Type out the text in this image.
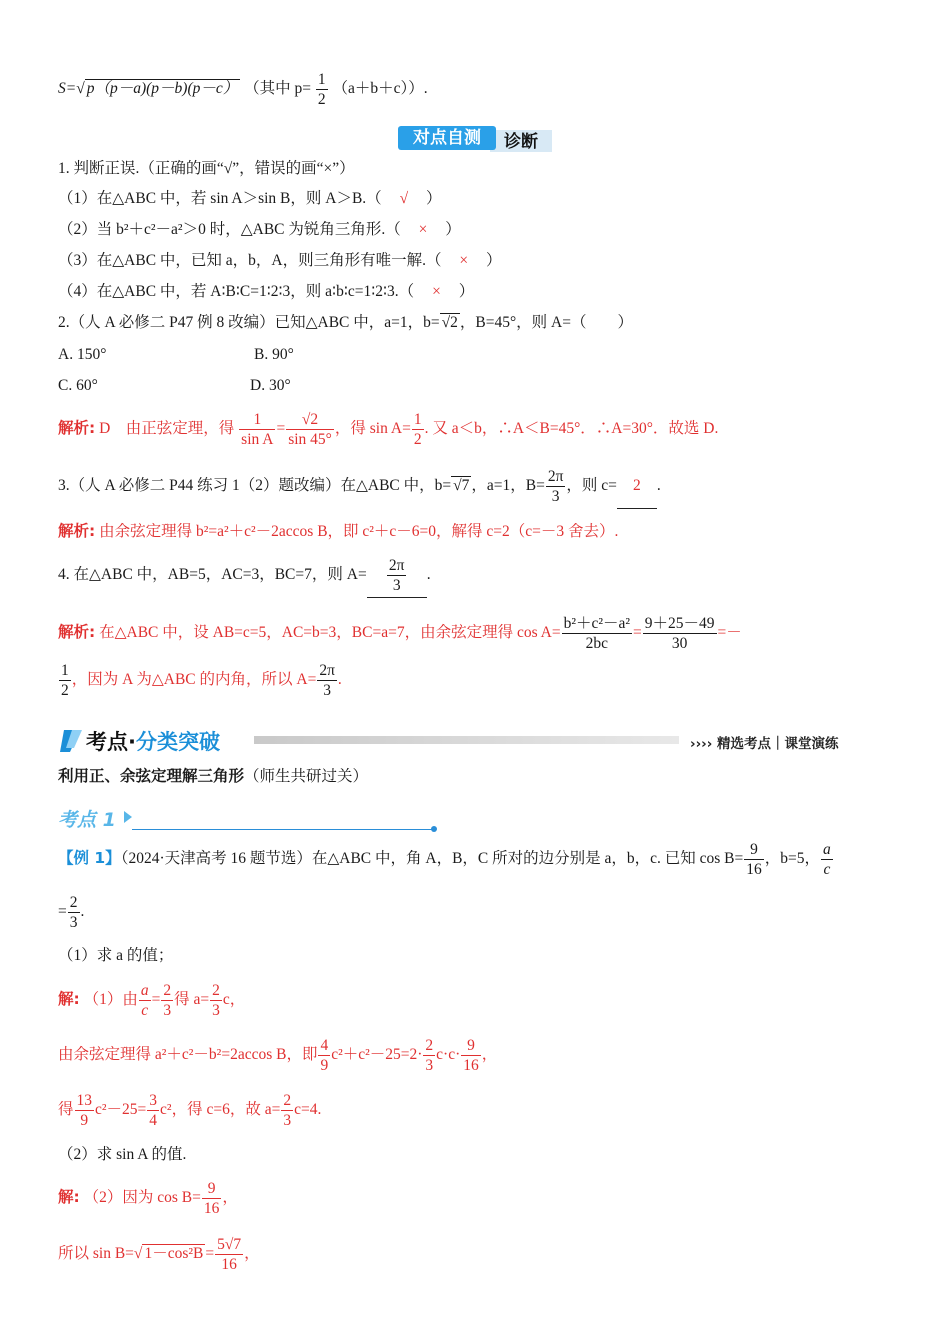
S=√ p（p－a)(p－b)(p－c） （其中 $p= \frac{1}{2} (a+b+c)$）.
对点自测	诊断
1. 判断正误.（正确的画“√”，错误的画“×”）
（1）在△ABC 中，若 sin A＞sin B，则 A＞B.（ √ ）
（2）当 b²＋c²－a²＞0 时，△ABC 为锐角三角形.（ × ）
（3）在△ABC 中，已知 a，b，A，则三角形有唯一解.（ × ）
（4）在△ABC 中，若 A∶B∶C=1∶2∶3，则 a∶b∶c=1∶2∶3.（ × ）
2.（人 A 必修二 P47 例 8 改编）已知△ABC 中，a=1，b= √2 ，B=45°，则 A=（　　）
A. 150°	B. 90°
C. 60°	D. 30°
解析: D　由正弦定理，得 $\frac{1}{\text{sin A}} = \frac{√2}{\sin 45^\circ}$ ，得 $\sin A= \frac{1}{2}$ . 又 a＜b，∴A＜B=45°．∴A=30°．故选 D.
3.（人 A 必修二 P44 练习 1（2）题改编）在△ABC 中，b= √7 ，a=1，$B= \frac{2\pi}{3}$ ，则 c= 2 .
解析: 由余弦定理得 b²=a²＋c²－2accos B，即 c²＋c－6=0，解得 c=2（c=－3 舍去）.
4. 在△ABC 中，AB=5，AC=3，BC=7，则 $A= \frac{2\pi}{3}$ .
解析: 在△ABC 中，设 AB=c=5，AC=b=3，BC=a=7，由余弦定理得 $\cos A= \frac{\text{b²＋c²－a²}}{2bc} = \frac{9+25-49}{30}$ =－
$\frac{1}{2}$ ，因为 A 为△ABC 的内角，所以 $A= \frac{2\pi}{3}$ .
考点·分类突破	›››› 精选考点｜课堂演练
利用正、余弦定理解三角形（师生共研过关）
考点 1
【例 1】（2024·天津高考 16 题节选）在△ABC 中，角 A，B，C 所对的边分别是 a，b，c. 已知 $\cos B= \frac{9}{16}$ ，b=5， $\frac{a}{c}$
= $\frac{2}{3}$ .
（1）求 a 的值；
解: （1）由 $\frac{a}{c} = \frac{2}{3}$ 得 $a= \frac{2}{3}$ c，
由余弦定理得 a²＋c²－b²=2accos B，即 $\frac{4}{9} c^2+c^2-25=2\cdot \frac{2}{3} c\cdot c\cdot \frac{9}{16}$ ，
得 $\frac{13}{9} c^2-25= \frac{3}{4} c^2$，得 c=6，故 $a= \frac{2}{3} c=4$.
（2）求 sin A 的值.
解: （2）因为 $\cos B= \frac{9}{16}$ ，
所以 sin B=√ $1-\cos^2B = \frac{5√7}{16}$ ，
